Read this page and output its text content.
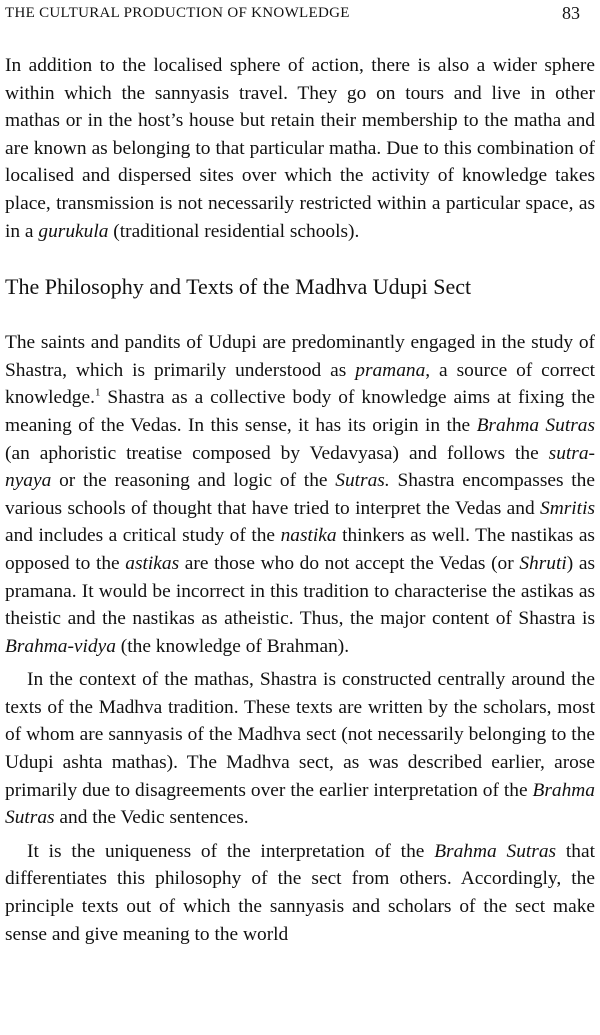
THE CULTURAL PRODUCTION OF KNOWLEDGE	83

In addition to the localised sphere of action, there is also a wider sphere within which the sannyasis travel. They go on tours and live in other mathas or in the host’s house but retain their membership to the matha and are known as belonging to that particular matha. Due to this combination of localised and dispersed sites over which the activity of knowledge takes place, transmission is not necessarily restricted within a particular space, as in a gurukula (traditional residential schools).

The Philosophy and Texts of the Madhva Udupi Sect

The saints and pandits of Udupi are predominantly engaged in the study of Shastra, which is primarily understood as pramana, a source of correct knowledge.$^1$ Shastra as a collective body of knowledge aims at fixing the meaning of the Vedas. In this sense, it has its origin in the Brahma Sutras (an aphoristic treatise composed by Vedavyasa) and follows the sutra-nyaya or the reasoning and logic of the Sutras. Shastra encompasses the various schools of thought that have tried to interpret the Vedas and Smritis and includes a critical study of the nastika thinkers as well. The nastikas as opposed to the astikas are those who do not accept the Vedas (or Shruti) as pramana. It would be incorrect in this tradition to characterise the astikas as theistic and the nastikas as atheistic. Thus, the major content of Shastra is Brahma-vidya (the knowledge of Brahman).

In the context of the mathas, Shastra is constructed centrally around the texts of the Madhva tradition. These texts are written by the scholars, most of whom are sannyasis of the Madhva sect (not necessarily belonging to the Udupi ashta mathas). The Madhva sect, as was described earlier, arose primarily due to disagreements over the earlier interpretation of the Brahma Sutras and the Vedic sentences.

It is the uniqueness of the interpretation of the Brahma Sutras that differentiates this philosophy of the sect from others. Accordingly, the principle texts out of which the sannyasis and scholars of the sect make sense and give meaning to the world
